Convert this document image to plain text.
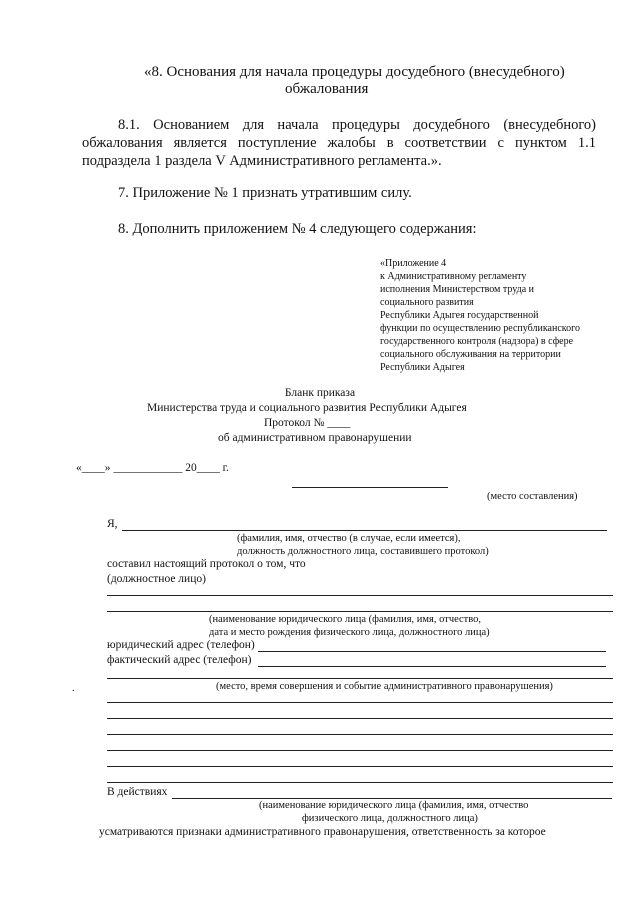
«8. Основания для начала процедуры досудебного (внесудебного)
обжалования
8.1. Основанием для начала процедуры досудебного (внесудебного)
обжалования является поступление жалобы в соответствии с пунктом 1.1
подраздела 1 раздела V Административного регламента.».
7. Приложение № 1 признать утратившим силу.
8. Дополнить приложением № 4 следующего содержания:
«Приложение 4
к Административному регламенту
исполнения Министерством труда и
социального развития
Республики Адыгея государственной
функции по осуществлению республиканского
государственного контроля (надзора) в сфере
социального обслуживания на территории
Республики Адыгея
Бланк приказа
Министерства труда и социального развития Республики Адыгея
Протокол № ____
об административном правонарушении
«____» ____________ 20____ г.
(место составления)
Я,
(фамилия, имя, отчество (в случае, если имеется),
должность должностного лица, составившего протокол)
составил настоящий протокол о том, что
(должностное лицо)
(наименование юридического лица (фамилия, имя, отчество,
дата и место рождения физического лица, должностного лица)
юридический адрес (телефон)
фактический адрес (телефон)
(место, время совершения и событие административного правонарушения)
.
В действиях
(наименование юридического лица (фамилия, имя, отчество
физического лица, должностного лица)
усматриваются признаки административного правонарушения, ответственность за которое
